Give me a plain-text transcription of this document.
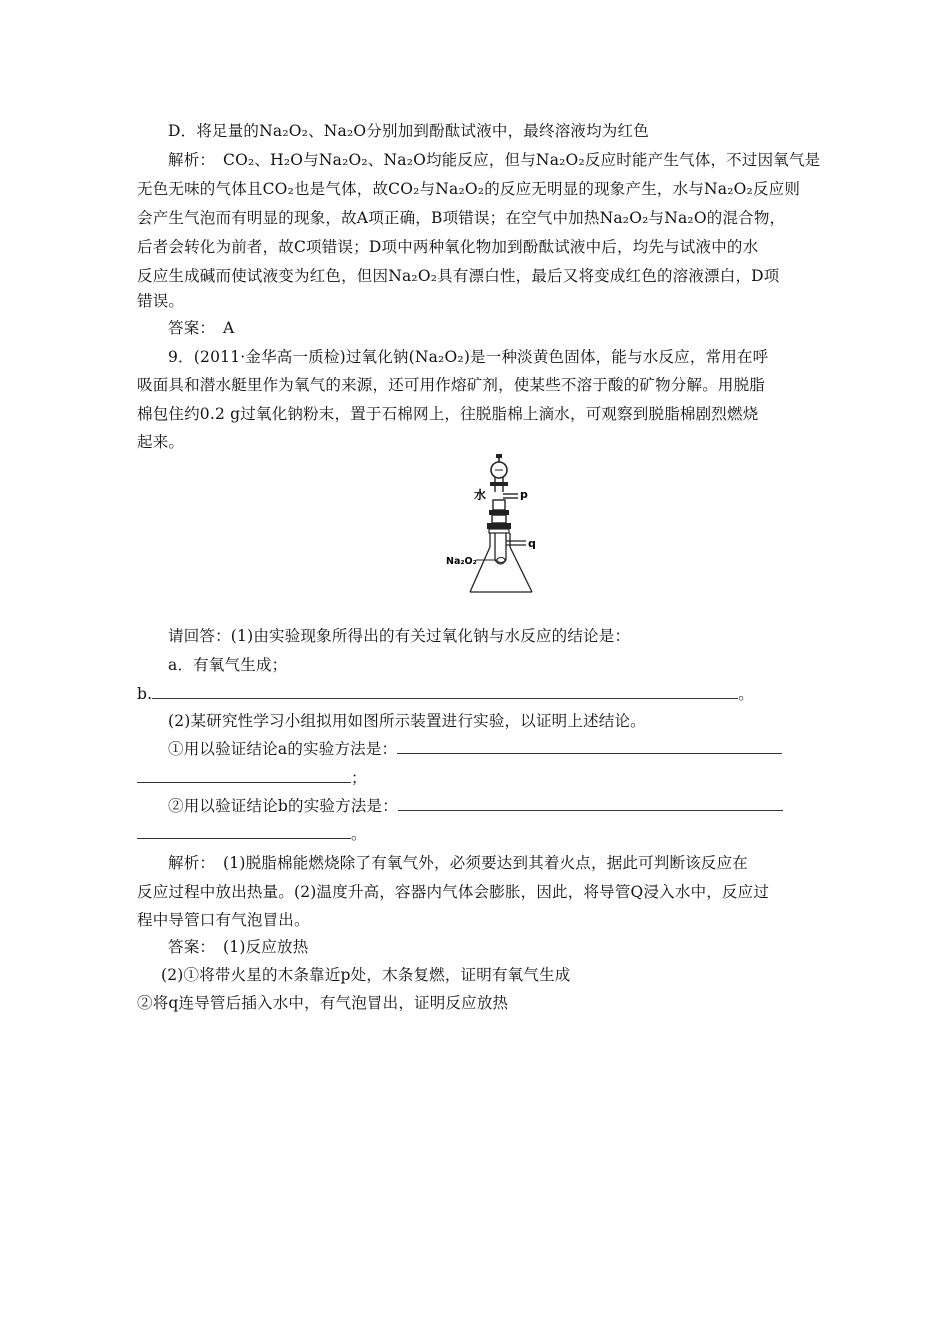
D．将足量的Na₂O₂、Na₂O分别加到酚酞试液中，最终溶液均为红色
解析：　CO₂、H₂O与Na₂O₂、Na₂O均能反应，但与Na₂O₂反应时能产生气体，不过因氧气是
无色无味的气体且CO₂也是气体，故CO₂与Na₂O₂的反应无明显的现象产生，水与Na₂O₂反应则
会产生气泡而有明显的现象，故A项正确，B项错误；在空气中加热Na₂O₂与Na₂O的混合物，
后者会转化为前者，故C项错误；D项中两种氧化物加到酚酞试液中后，均先与试液中的水
反应生成碱而使试液变为红色，但因Na₂O₂具有漂白性，最后又将变成红色的溶液漂白，D项
错误。
答案：　A
9．(2011·金华高一质检)过氧化钠(Na₂O₂)是一种淡黄色固体，能与水反应，常用在呼
吸面具和潜水艇里作为氧气的来源，还可用作熔矿剂，使某些不溶于酸的矿物分解。用脱脂
棉包住约0.2 g过氧化钠粉末，置于石棉网上，往脱脂棉上滴水，可观察到脱脂棉剧烈燃烧
起来。
水	p
q
Na₂O₂
请回答：(1)由实验现象所得出的有关过氧化钠与水反应的结论是：
a．有氧气生成；
b.	。
(2)某研究性学习小组拟用如图所示装置进行实验，以证明上述结论。
①用以验证结论a的实验方法是：
；
②用以验证结论b的实验方法是：
。
解析：　(1)脱脂棉能燃烧除了有氧气外，必须要达到其着火点，据此可判断该反应在
反应过程中放出热量。(2)温度升高，容器内气体会膨胀，因此，将导管Q浸入水中，反应过
程中导管口有气泡冒出。
答案：　(1)反应放热
(2)①将带火星的木条靠近p处，木条复燃，证明有氧气生成
②将q连导管后插入水中，有气泡冒出，证明反应放热
